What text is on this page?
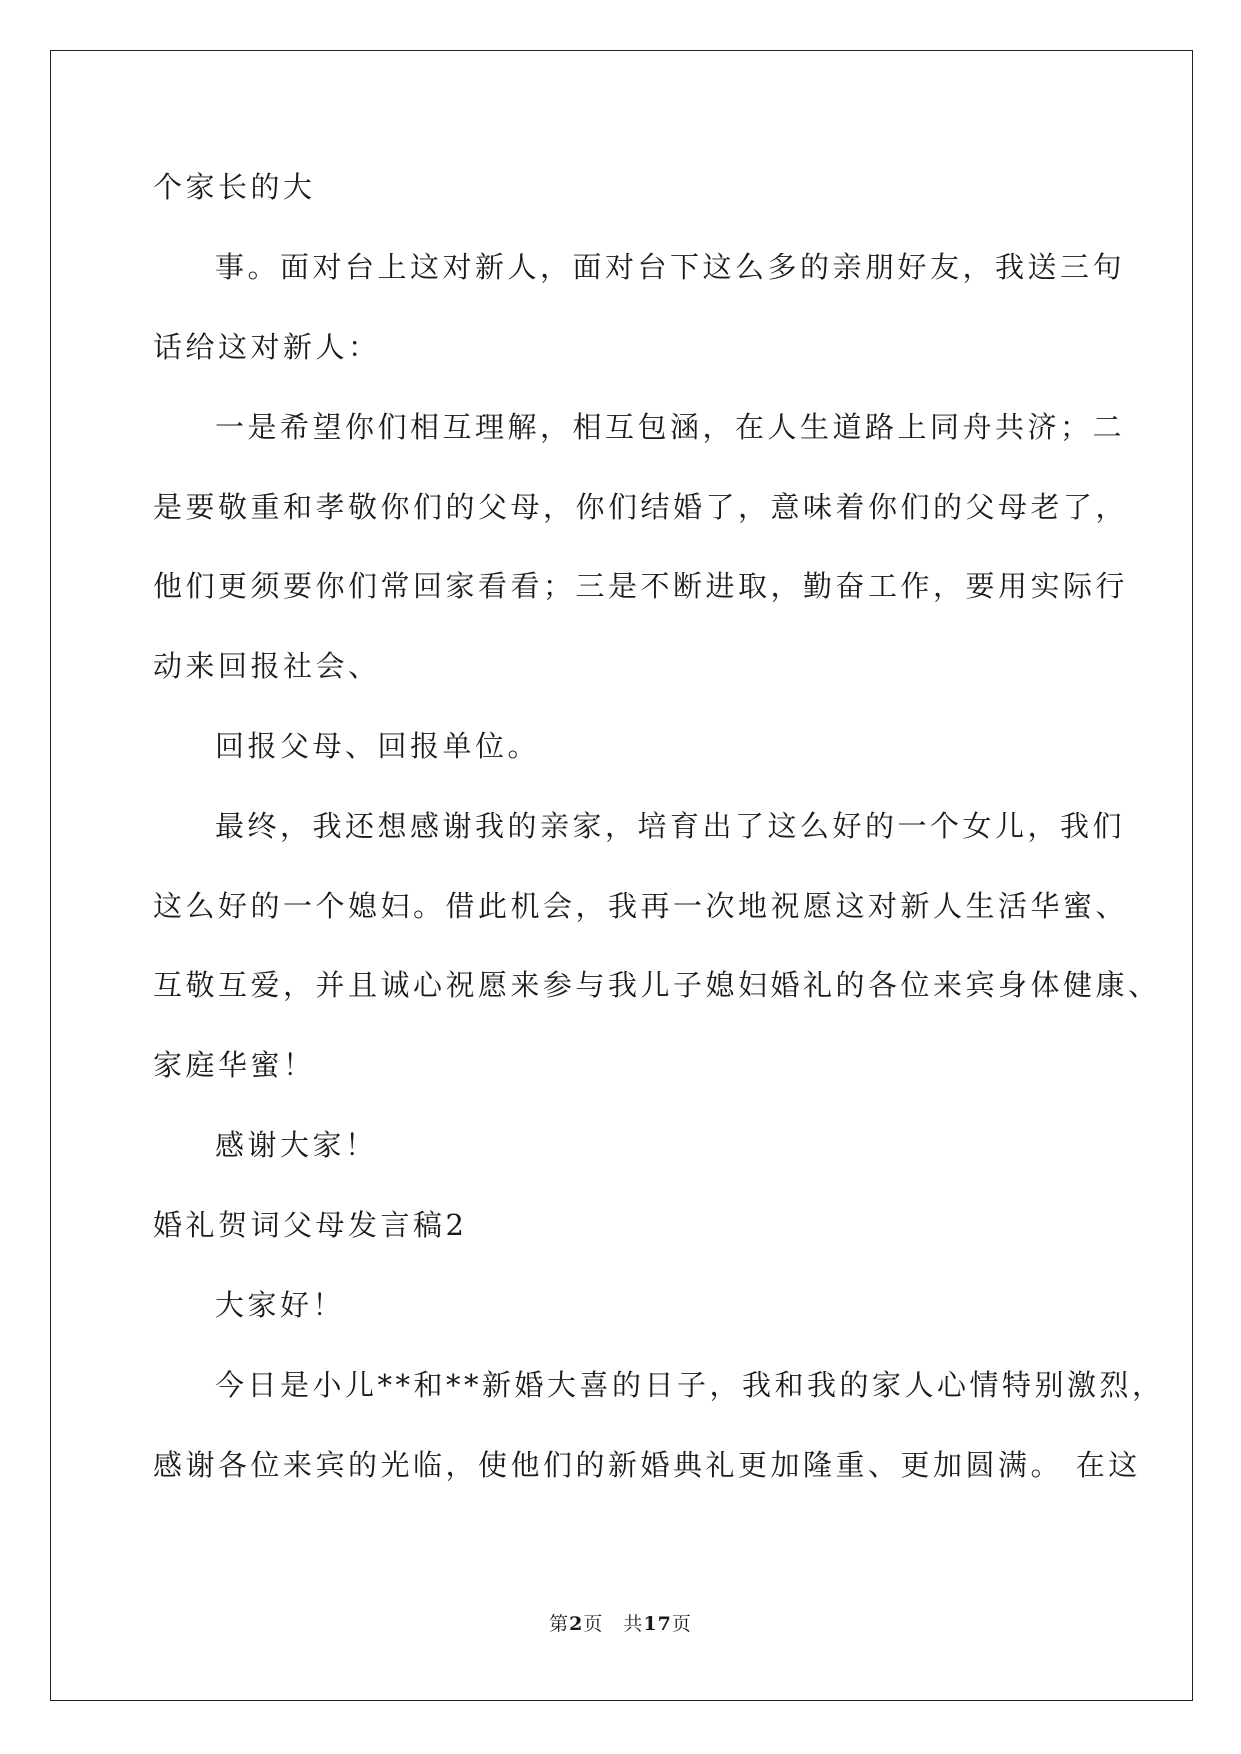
个家长的大
事。面对台上这对新人，面对台下这么多的亲朋好友，我送三句
话给这对新人：
一是希望你们相互理解，相互包涵，在人生道路上同舟共济；二
是要敬重和孝敬你们的父母，你们结婚了，意味着你们的父母老了，
他们更须要你们常回家看看；三是不断进取，勤奋工作，要用实际行
动来回报社会、
回报父母、回报单位。
最终，我还想感谢我的亲家，培育出了这么好的一个女儿，我们
这么好的一个媳妇。借此机会，我再一次地祝愿这对新人生活华蜜、
互敬互爱，并且诚心祝愿来参与我儿子媳妇婚礼的各位来宾身体健康、
家庭华蜜！
感谢大家！
婚礼贺词父母发言稿2
大家好！
今日是小儿**和**新婚大喜的日子，我和我的家人心情特别激烈，
感谢各位来宾的光临，使他们的新婚典礼更加隆重、更加圆满。 在这
第2页 共17页
